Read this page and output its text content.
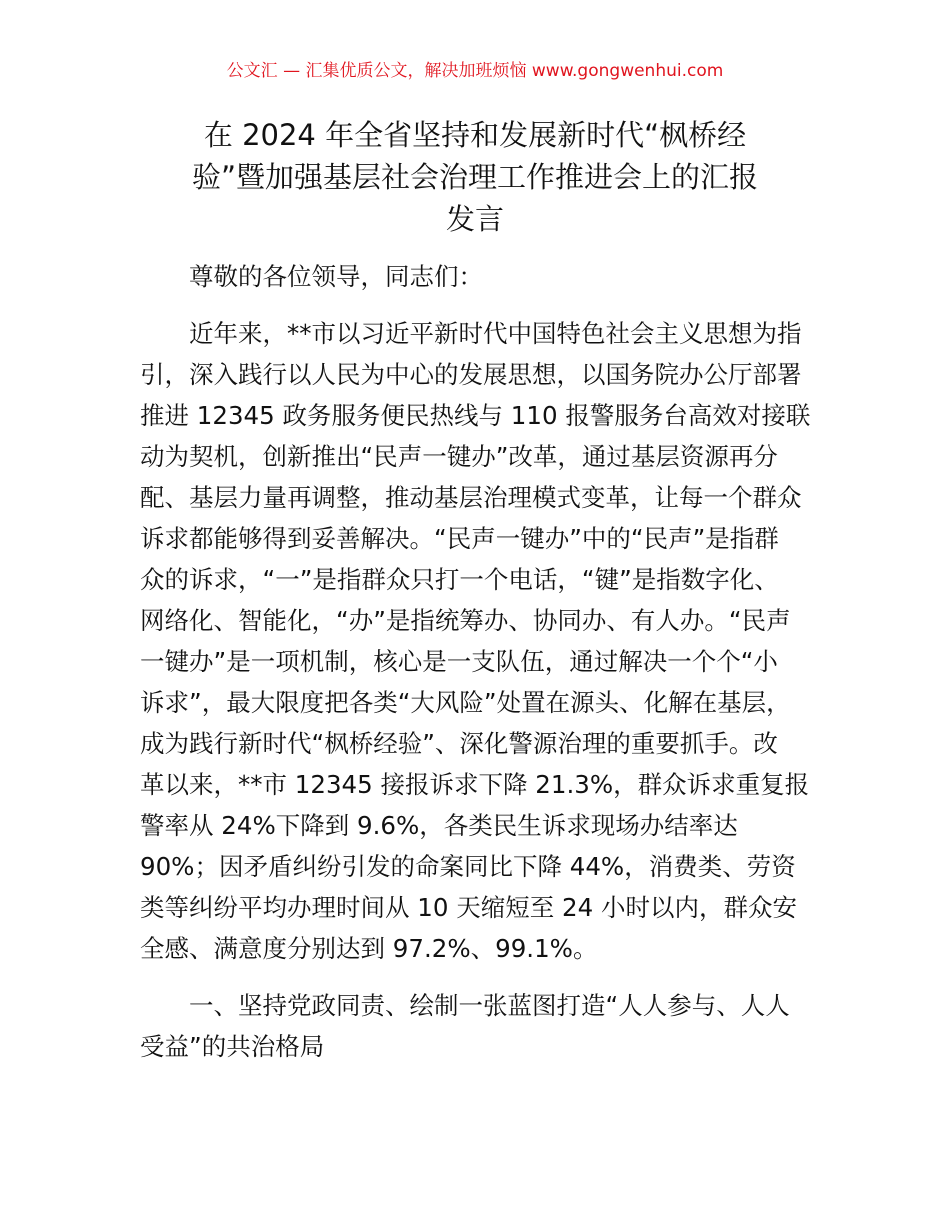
公文汇 — 汇集优质公文，解决加班烦恼 www.gongwenhui.com
在 2024 年全省坚持和发展新时代“枫桥经
验”暨加强基层社会治理工作推进会上的汇报
发言
尊敬的各位领导，同志们：
近年来，**市以习近平新时代中国特色社会主义思想为指
引，深入践行以人民为中心的发展思想，以国务院办公厅部署
推进 12345 政务服务便民热线与 110 报警服务台高效对接联
动为契机，创新推出“民声一键办”改革，通过基层资源再分
配、基层力量再调整，推动基层治理模式变革，让每一个群众
诉求都能够得到妥善解决。“民声一键办”中的“民声”是指群
众的诉求，“一”是指群众只打一个电话，“键”是指数字化、
网络化、智能化，“办”是指统筹办、协同办、有人办。“民声
一键办”是一项机制，核心是一支队伍，通过解决一个个“小
诉求”，最大限度把各类“大风险”处置在源头、化解在基层，
成为践行新时代“枫桥经验”、深化警源治理的重要抓手。改
革以来，**市 12345 接报诉求下降 21.3%，群众诉求重复报
警率从 24%下降到 9.6%，各类民生诉求现场办结率达
90%；因矛盾纠纷引发的命案同比下降 44%，消费类、劳资
类等纠纷平均办理时间从 10 天缩短至 24 小时以内，群众安
全感、满意度分别达到 97.2%、99.1%。
一、坚持党政同责、绘制一张蓝图打造“人人参与、人人
受益”的共治格局
